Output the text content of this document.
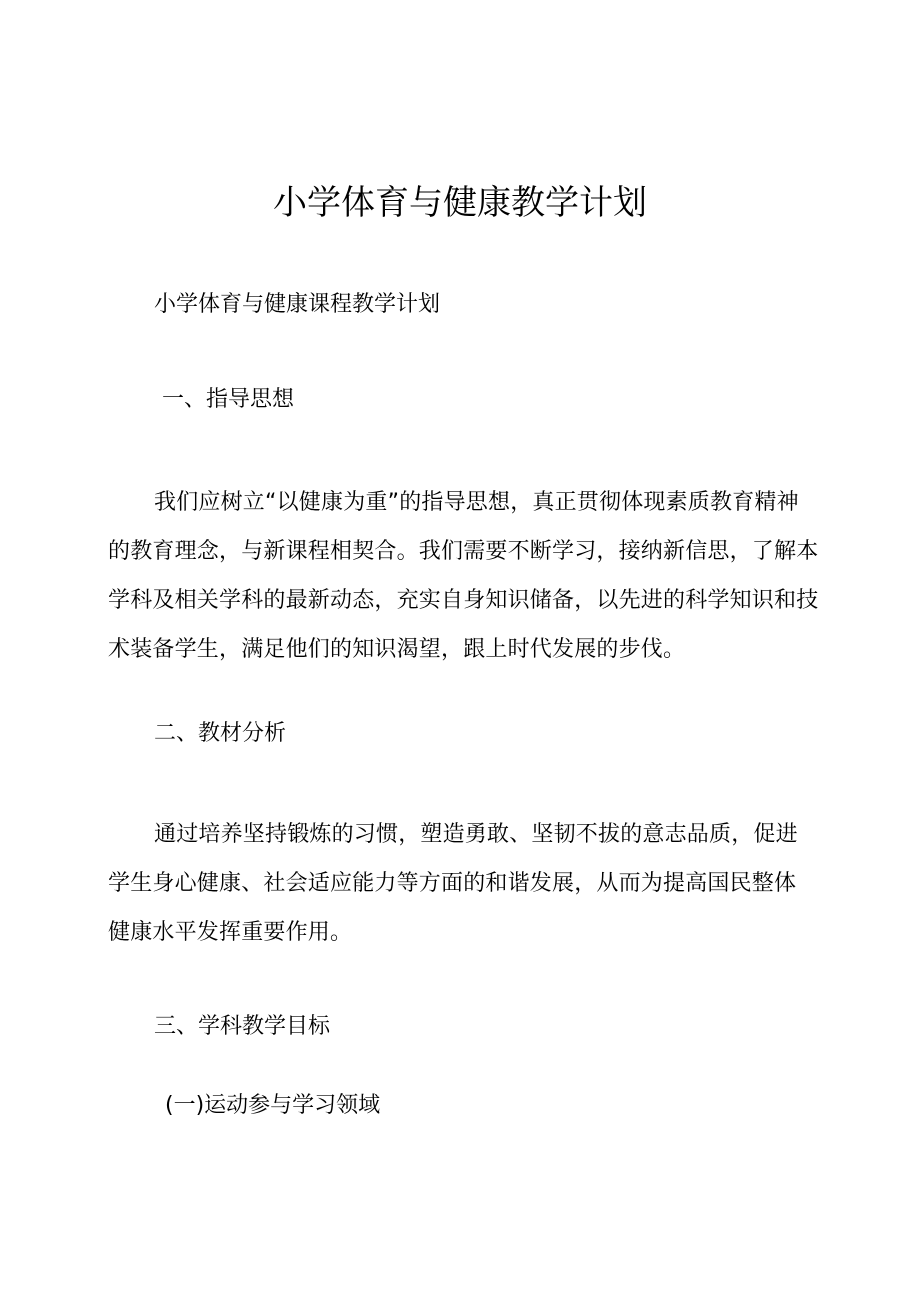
小学体育与健康教学计划

小学体育与健康课程教学计划

一、指导思想

我们应树立“以健康为重”的指导思想，真正贯彻体现素质教育精神的教育理念，与新课程相契合。我们需要不断学习，接纳新信思，了解本学科及相关学科的最新动态，充实自身知识储备，以先进的科学知识和技术装备学生，满足他们的知识渴望，跟上时代发展的步伐。

二、教材分析

通过培养坚持锻炼的习惯，塑造勇敢、坚韧不拔的意志品质，促进学生身心健康、社会适应能力等方面的和谐发展，从而为提高国民整体健康水平发挥重要作用。

三、学科教学目标

(一)运动参与学习领域
